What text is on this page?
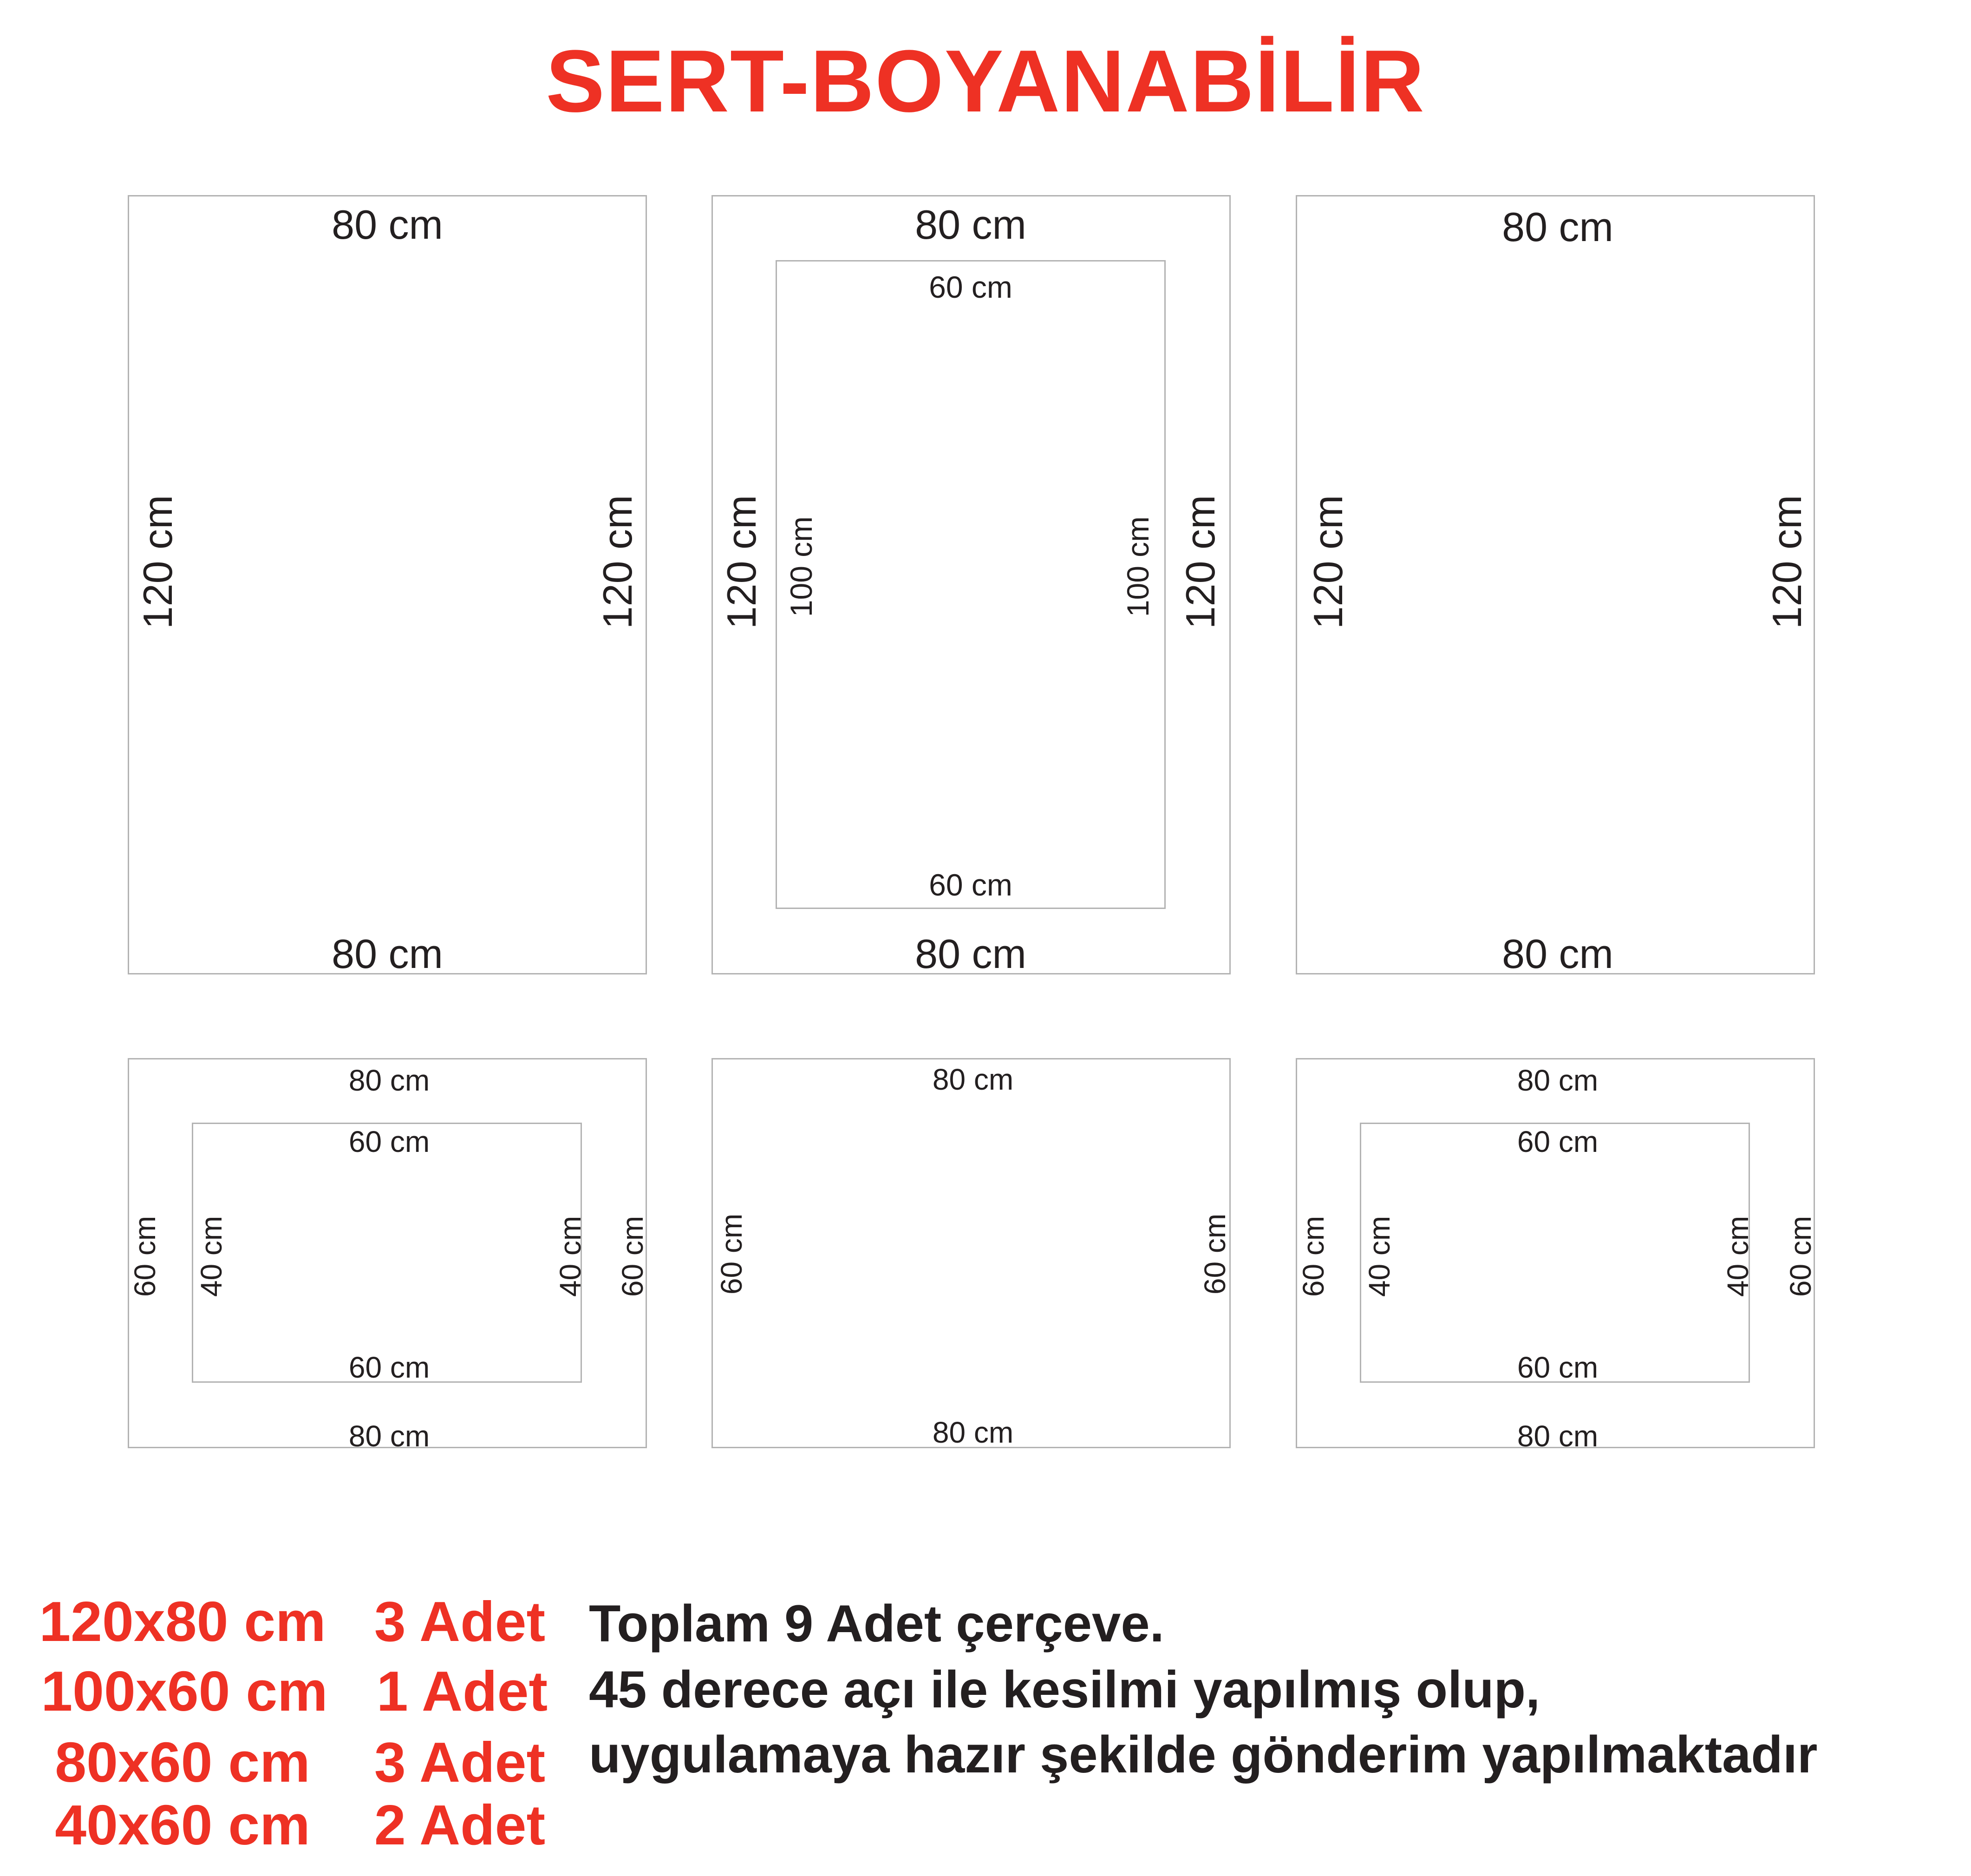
SERT-BOYANABİLİR
80 cm
80 cm
120 cm	120 cm
80 cm
80 cm
120 cm	120 cm
60 cm
60 cm
100 cm	100 cm
80 cm
80 cm
120 cm	120 cm
80 cm
80 cm
60 cm	60 cm
60 cm
60 cm
40 cm	40 cm
80 cm
80 cm
60 cm	60 cm
80 cm
80 cm
60 cm	60 cm
60 cm
60 cm
40 cm	40 cm
120x80 cm 3 Adet
100x60 cm 1 Adet
80x60 cm 3 Adet
40x60 cm 2 Adet
Toplam 9 Adet çerçeve.
45 derece açı ile kesilmi yapılmış olup,
uygulamaya hazır şekilde gönderim yapılmaktadır
